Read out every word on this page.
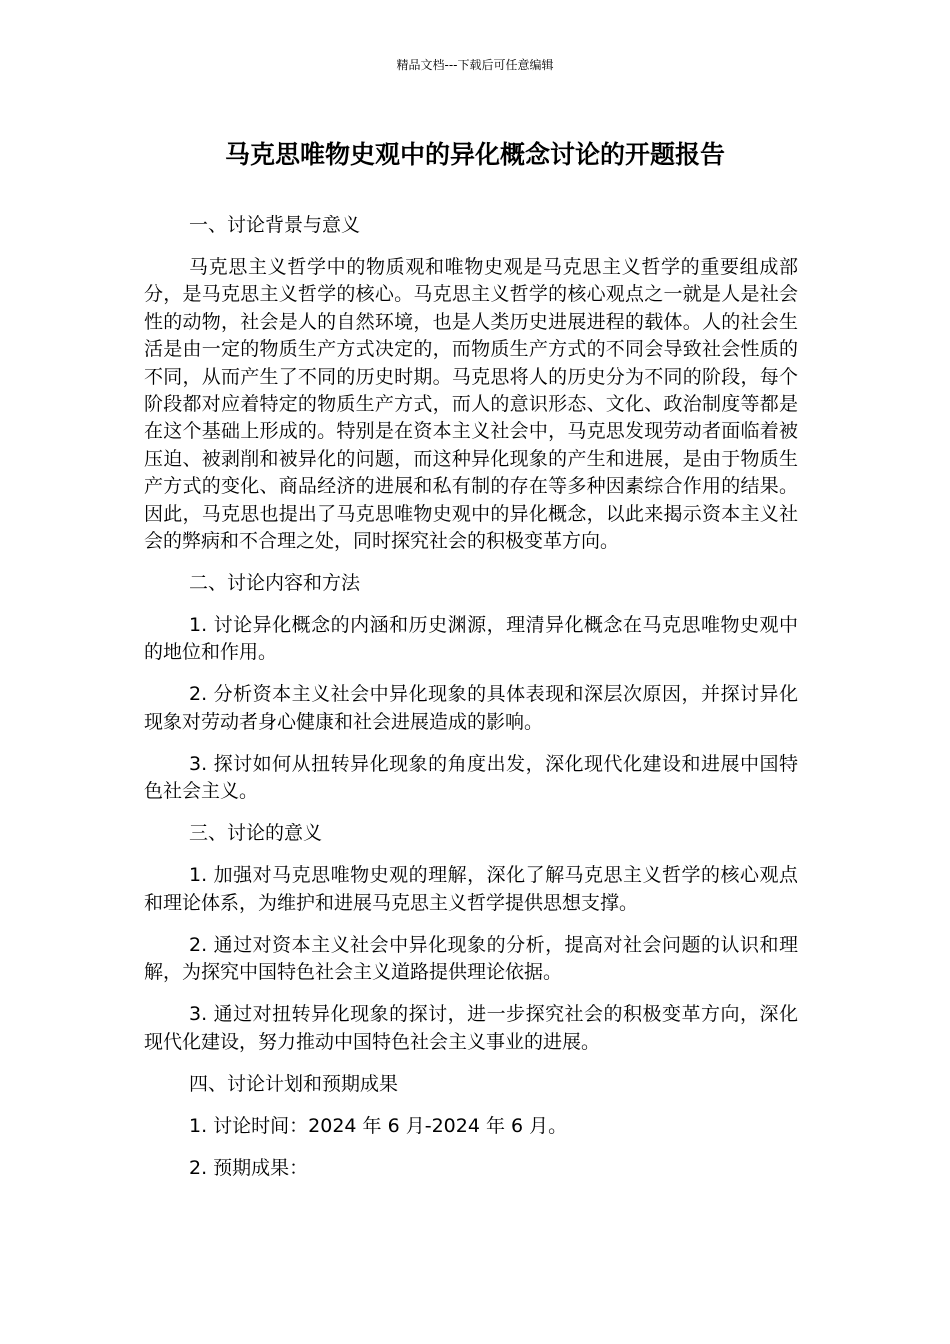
精品文档---下载后可任意编辑
马克思唯物史观中的异化概念讨论的开题报告

一、讨论背景与意义

马克思主义哲学中的物质观和唯物史观是马克思主义哲学的重要组成部分，是马克思主义哲学的核心。马克思主义哲学的核心观点之一就是人是社会性的动物，社会是人的自然环境，也是人类历史进展进程的载体。人的社会生活是由一定的物质生产方式决定的，而物质生产方式的不同会导致社会性质的不同，从而产生了不同的历史时期。马克思将人的历史分为不同的阶段，每个阶段都对应着特定的物质生产方式，而人的意识形态、文化、政治制度等都是在这个基础上形成的。特别是在资本主义社会中，马克思发现劳动者面临着被压迫、被剥削和被异化的问题，而这种异化现象的产生和进展，是由于物质生产方式的变化、商品经济的进展和私有制的存在等多种因素综合作用的结果。因此，马克思也提出了马克思唯物史观中的异化概念，以此来揭示资本主义社会的弊病和不合理之处，同时探究社会的积极变革方向。

二、讨论内容和方法

1. 讨论异化概念的内涵和历史渊源，理清异化概念在马克思唯物史观中的地位和作用。

2. 分析资本主义社会中异化现象的具体表现和深层次原因，并探讨异化现象对劳动者身心健康和社会进展造成的影响。

3. 探讨如何从扭转异化现象的角度出发，深化现代化建设和进展中国特色社会主义。

三、讨论的意义

1. 加强对马克思唯物史观的理解，深化了解马克思主义哲学的核心观点和理论体系，为维护和进展马克思主义哲学提供思想支撑。

2. 通过对资本主义社会中异化现象的分析，提高对社会问题的认识和理解，为探究中国特色社会主义道路提供理论依据。

3. 通过对扭转异化现象的探讨，进一步探究社会的积极变革方向，深化现代化建设，努力推动中国特色社会主义事业的进展。

四、讨论计划和预期成果

1. 讨论时间：2024 年 6 月-2024 年 6 月。

2. 预期成果：
